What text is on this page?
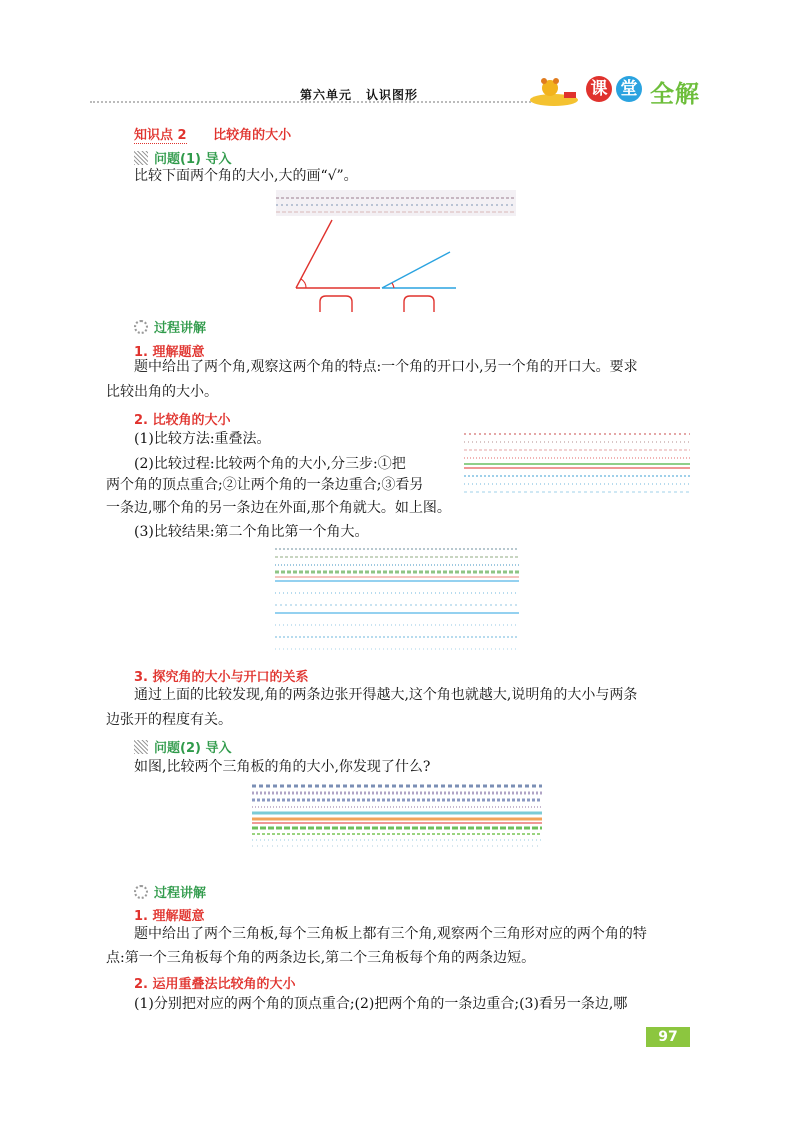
第六单元 认识图形	课 堂 全解
知识点 2 比较角的大小
问题(1) 导入
比较下面两个角的大小,大的画“√”。
过程讲解
1. 理解题意
题中给出了两个角,观察这两个角的特点:一个角的开口小,另一个角的开口大。要求
比较出角的大小。
2. 比较角的大小
(1)比较方法:重叠法。
(2)比较过程:比较两个角的大小,分三步:①把
两个角的顶点重合;②让两个角的一条边重合;③看另
一条边,哪个角的另一条边在外面,那个角就大。如上图。
(3)比较结果:第二个角比第一个角大。
3. 探究角的大小与开口的关系
通过上面的比较发现,角的两条边张开得越大,这个角也就越大,说明角的大小与两条
边张开的程度有关。
问题(2) 导入
如图,比较两个三角板的角的大小,你发现了什么?
过程讲解
1. 理解题意
题中给出了两个三角板,每个三角板上都有三个角,观察两个三角形对应的两个角的特
点:第一个三角板每个角的两条边长,第二个三角板每个角的两条边短。
2. 运用重叠法比较角的大小
(1)分别把对应的两个角的顶点重合;(2)把两个角的一条边重合;(3)看另一条边,哪
97
